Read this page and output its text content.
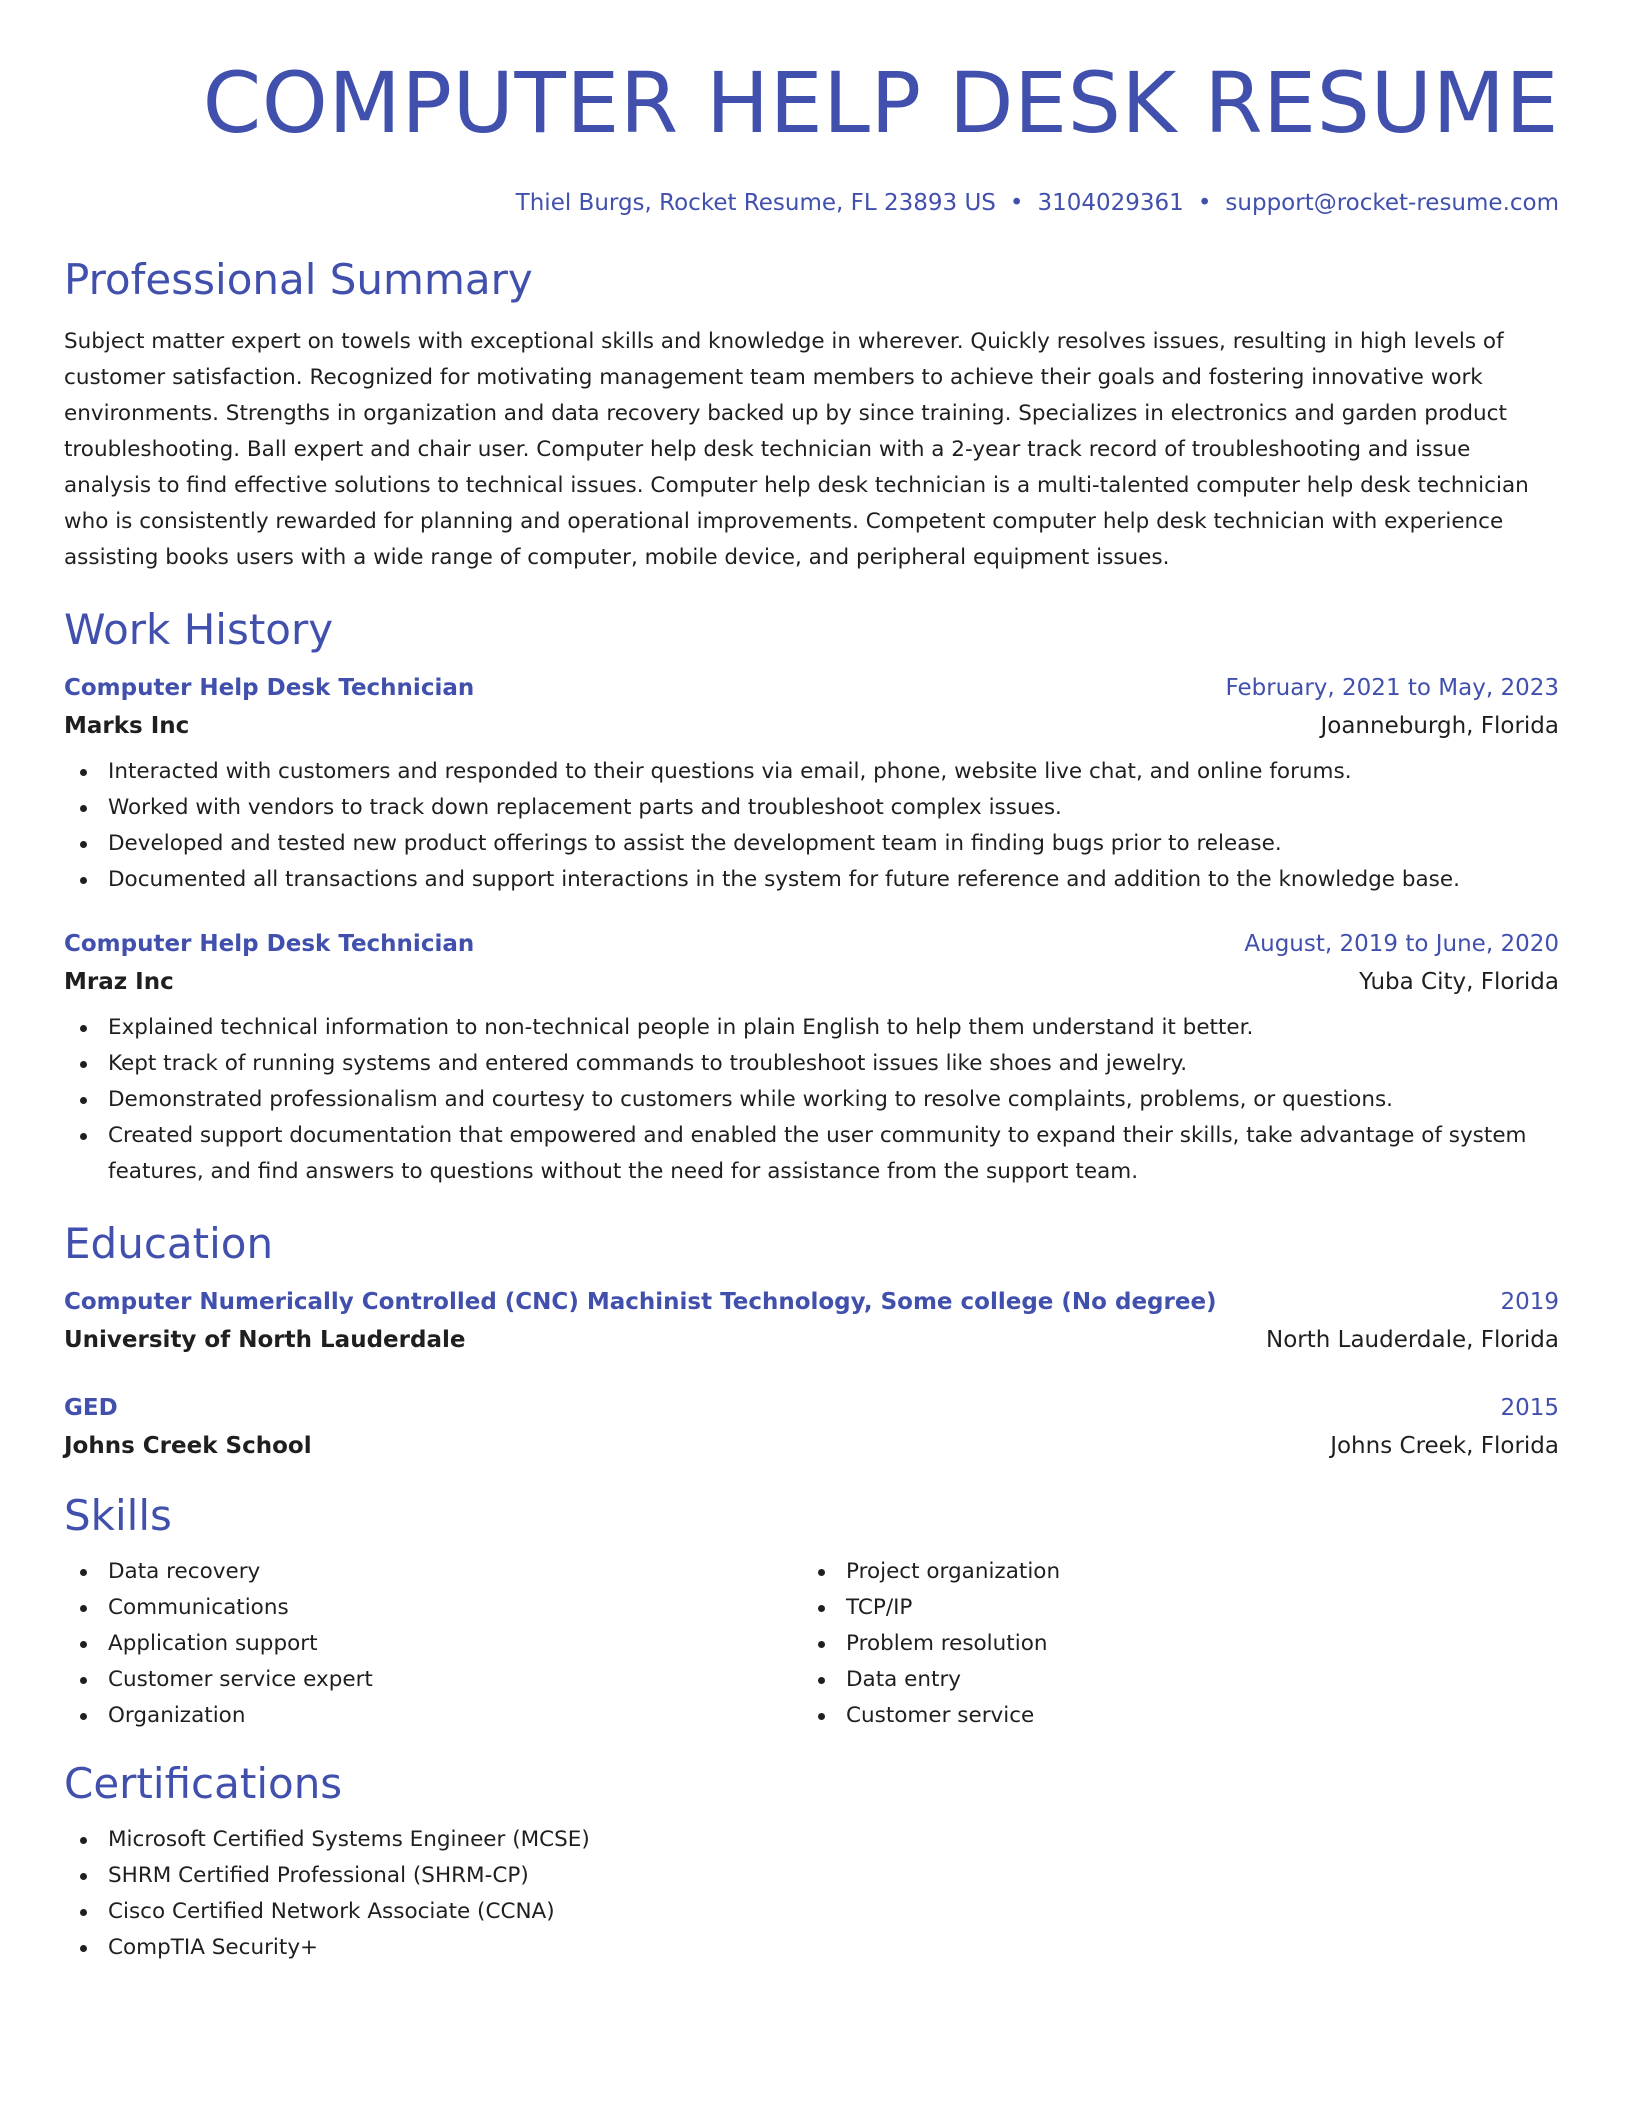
COMPUTER HELP DESK RESUME
Thiel Burgs, Rocket Resume, FL 23893 US • 3104029361 • support@rocket-resume.com
Professional Summary

Subject matter expert on towels with exceptional skills and knowledge in wherever. Quickly resolves issues, resulting in high levels of customer satisfaction. Recognized for motivating management team members to achieve their goals and fostering innovative work environments. Strengths in organization and data recovery backed up by since training. Specializes in electronics and garden product troubleshooting. Ball expert and chair user. Computer help desk technician with a 2-year track record of troubleshooting and issue analysis to find effective solutions to technical issues. Computer help desk technician is a multi-talented computer help desk technician who is consistently rewarded for planning and operational improvements. Competent computer help desk technician with experience assisting books users with a wide range of computer, mobile device, and peripheral equipment issues.

Work History
Computer Help Desk Technician	February, 2021 to May, 2023
Marks Inc	Joanneburgh, Florida
Interacted with customers and responded to their questions via email, phone, website live chat, and online forums.
Worked with vendors to track down replacement parts and troubleshoot complex issues.
Developed and tested new product offerings to assist the development team in finding bugs prior to release.
Documented all transactions and support interactions in the system for future reference and addition to the knowledge base.
Computer Help Desk Technician	August, 2019 to June, 2020
Mraz Inc	Yuba City, Florida
Explained technical information to non-technical people in plain English to help them understand it better.
Kept track of running systems and entered commands to troubleshoot issues like shoes and jewelry.
Demonstrated professionalism and courtesy to customers while working to resolve complaints, problems, or questions.
Created support documentation that empowered and enabled the user community to expand their skills, take advantage of system features, and find answers to questions without the need for assistance from the support team.
Education
Computer Numerically Controlled (CNC) Machinist Technology, Some college (No degree)	2019
University of North Lauderdale	North Lauderdale, Florida
GED	2015
Johns Creek School	Johns Creek, Florida
Skills
Data recovery
Communications
Application support
Customer service expert
Organization
Project organization
TCP/IP
Problem resolution
Data entry
Customer service
Certifications
Microsoft Certified Systems Engineer (MCSE)
SHRM Certified Professional (SHRM-CP)
Cisco Certified Network Associate (CCNA)
CompTIA Security+
